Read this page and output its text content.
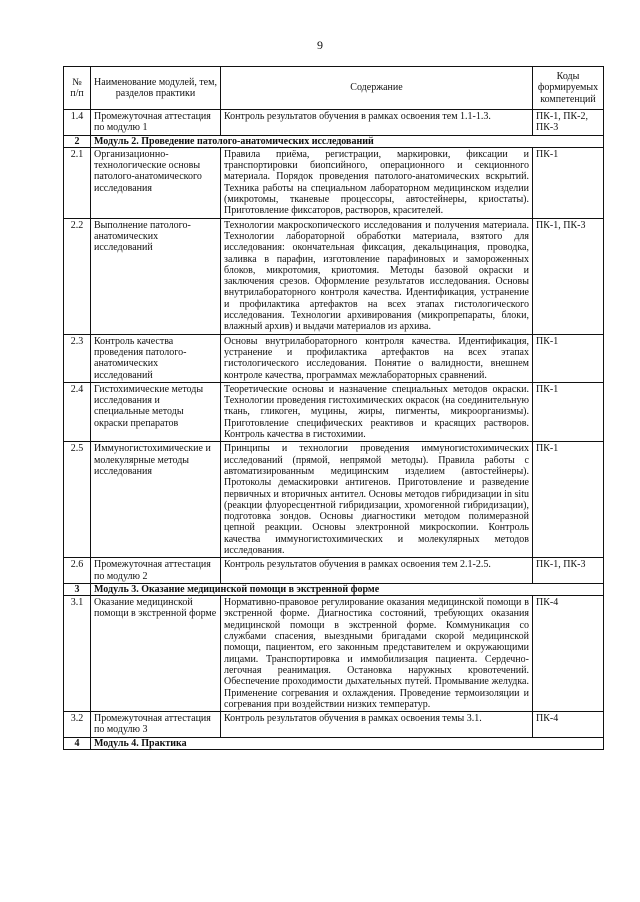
9
№ п/п	Наименование модулей, тем, разделов практики	Содержание	Коды формируемых компетенций
1.4	Промежуточная аттестация по модулю 1	Контроль результатов обучения в рамках освоения тем 1.1-1.3.	ПК-1, ПК-2, ПК-3
2	Модуль 2. Проведение патолого-анатомических исследований		
2.1	Организационно-технологические основы патолого-анатомического исследования	Правила приёма, регистрации, маркировки, фиксации и транспортировки биопсийного, операционного и секционного материала. Порядок проведения патолого-анатомических вскрытий. Техника работы на специальном лабораторном медицинском изделии (микротомы, тканевые процессоры, автостейнеры, криостаты). Приготовление фиксаторов, растворов, красителей.	ПК-1
2.2	Выполнение патолого-анатомических исследований	Технологии макроскопического исследования и получения материала. Технологии лабораторной обработки материала, взятого для исследования: окончательная фиксация, декальцинация, проводка, заливка в парафин, изготовление парафиновых и замороженных блоков, микротомия, криотомия. Методы базовой окраски и заключения срезов. Оформление результатов исследования. Основы внутрилабораторного контроля качества. Идентификация, устранение и профилактика артефактов на всех этапах гистологического исследования. Технологии архивирования (микропрепараты, блоки, влажный архив) и выдачи материалов из архива.	ПК-1, ПК-3
2.3	Контроль качества проведения патолого-анатомических исследований	Основы внутрилабораторного контроля качества. Идентификация, устранение и профилактика артефактов на всех этапах гистологического исследования. Понятие о валидности, внешнем контроле качества, программах межлабораторных сравнений.	ПК-1
2.4	Гистохимические методы исследования и специальные методы окраски препаратов	Теоретические основы и назначение специальных методов окраски. Технологии проведения гистохимических окрасок (на соединительную ткань, гликоген, муцины, жиры, пигменты, микроорганизмы). Приготовление специфических реактивов и красящих растворов. Контроль качества в гистохимии.	ПК-1
2.5	Иммуногистохимические и молекулярные методы исследования	Принципы и технологии проведения иммуногистохимических исследований (прямой, непрямой методы). Правила работы с автоматизированным медицинским изделием (автостейнеры). Протоколы демаскировки антигенов. Приготовление и разведение первичных и вторичных антител. Основы методов гибридизации in situ (реакции флуоресцентной гибридизации, хромогенной гибридизации), подготовка зондов. Основы диагностики методом полимеразной цепной реакции. Основы электронной микроскопии. Контроль качества иммуногистохимических и молекулярных методов исследования.	ПК-1
2.6	Промежуточная аттестация по модулю 2	Контроль результатов обучения в рамках освоения тем 2.1-2.5.	ПК-1, ПК-3
3	Модуль 3. Оказание медицинской помощи в экстренной форме		
3.1	Оказание медицинской помощи в экстренной форме	Нормативно-правовое регулирование оказания медицинской помощи в экстренной форме. Диагностика состояний, требующих оказания медицинской помощи в экстренной форме. Коммуникация со службами спасения, выездными бригадами скорой медицинской помощи, пациентом, его законным представителем и окружающими лицами. Транспортировка и иммобилизация пациента. Сердечно-легочная реанимация. Остановка наружных кровотечений. Обеспечение проходимости дыхательных путей. Промывание желудка. Применение согревания и охлаждения. Проведение термоизоляции и согревания при воздействии низких температур.	ПК-4
3.2	Промежуточная аттестация по модулю 3	Контроль результатов обучения в рамках освоения темы 3.1.	ПК-4
4	Модуль 4. Практика		
